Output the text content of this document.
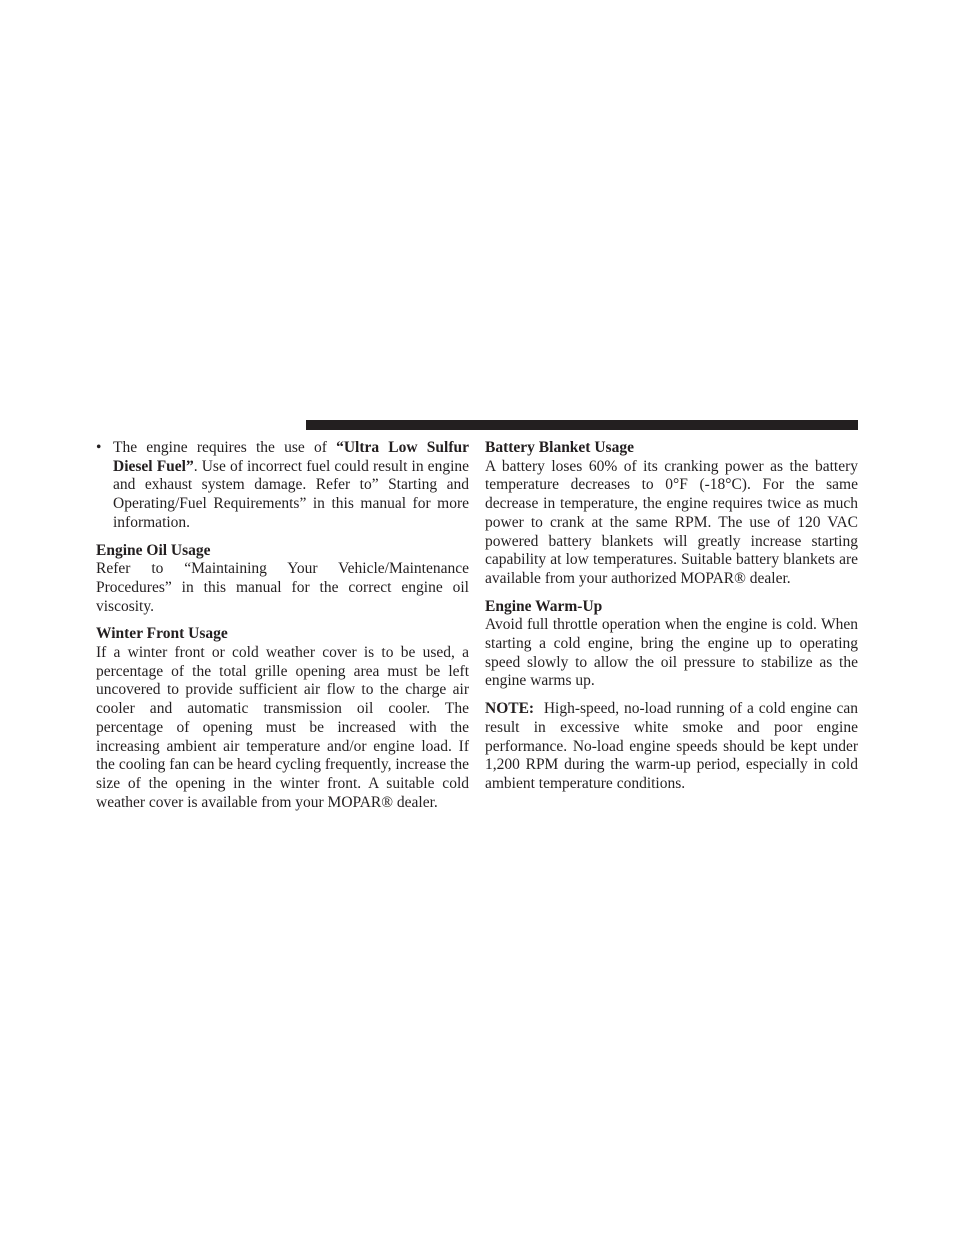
• The engine requires the use of “Ultra Low Sulfur Diesel Fuel”. Use of incorrect fuel could result in engine and exhaust system damage. Refer to” Starting and Operating/Fuel Requirements” in this manual for more information.
Engine Oil Usage

Refer to “Maintaining Your Vehicle/Maintenance Procedures” in this manual for the correct engine oil viscosity.

Winter Front Usage

If a winter front or cold weather cover is to be used, a percentage of the total grille opening area must be left uncovered to provide sufficient air flow to the charge air cooler and automatic transmission oil cooler. The percentage of opening must be increased with the increasing ambient air temperature and/or engine load. If the cooling fan can be heard cycling frequently, increase the size of the opening in the winter front. A suitable cold weather cover is available from your MOPAR® dealer.

Battery Blanket Usage

A battery loses 60% of its cranking power as the battery temperature decreases to 0°F (-18°C). For the same decrease in temperature, the engine requires twice as much power to crank at the same RPM. The use of 120 VAC powered battery blankets will greatly increase starting capability at low temperatures. Suitable battery blankets are available from your authorized MOPAR® dealer.

Engine Warm-Up

Avoid full throttle operation when the engine is cold. When starting a cold engine, bring the engine up to operating speed slowly to allow the oil pressure to stabilize as the engine warms up.

NOTE: High-speed, no-load running of a cold engine can result in excessive white smoke and poor engine performance. No-load engine speeds should be kept under 1,200 RPM during the warm-up period, especially in cold ambient temperature conditions.
